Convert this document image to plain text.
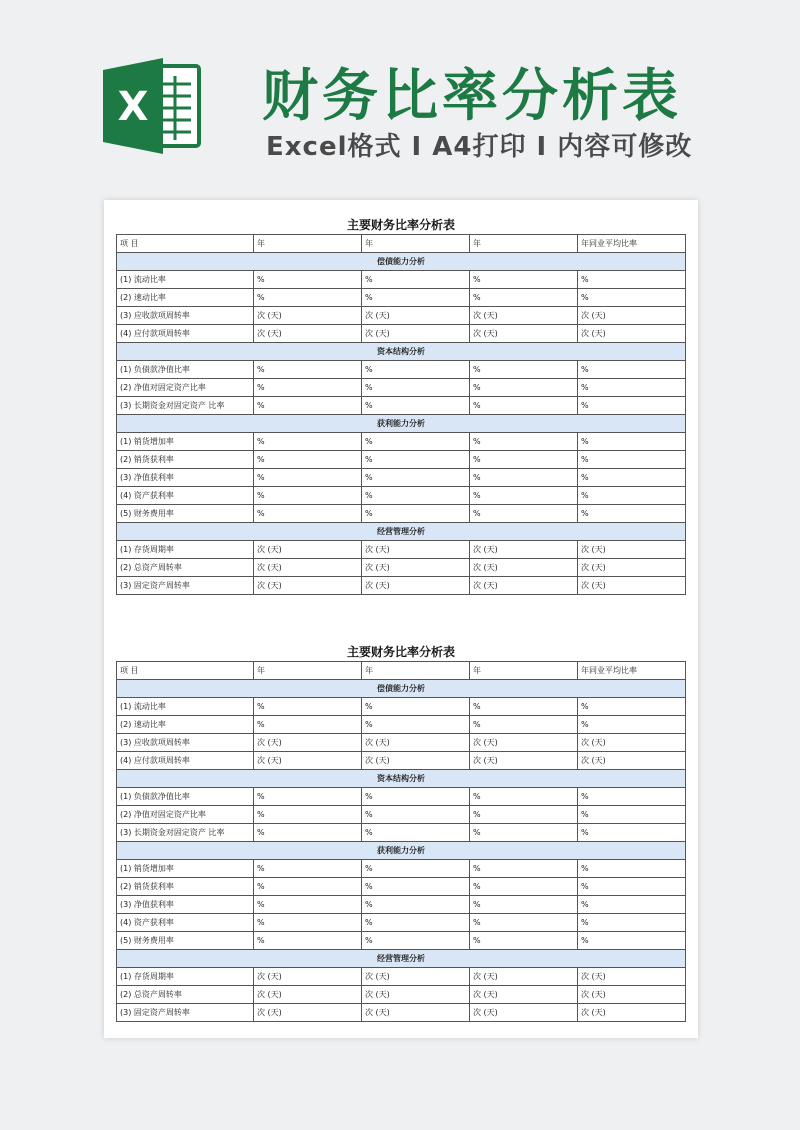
X 财务比率分析表
Excel格式 I A4打印 I 内容可修改
主要财务比率分析表
项 目	年	年	年	年同业平均比率
偿债能力分析				
(1) 流动比率	%	%	%	%
(2) 速动比率	%	%	%	%
(3) 应收款项周转率	次 (天)	次 (天)	次 (天)	次 (天)
(4) 应付款项周转率	次 (天)	次 (天)	次 (天)	次 (天)
资本结构分析				
(1) 负债款净值比率	%	%	%	%
(2) 净值对固定资产比率	%	%	%	%
(3) 长期资金对固定资产 比率	%	%	%	%
获利能力分析				
(1) 销货增加率	%	%	%	%
(2) 销货获利率	%	%	%	%
(3) 净值获利率	%	%	%	%
(4) 资产获利率	%	%	%	%
(5) 财务费用率	%	%	%	%
经营管理分析				
(1) 存货周期率	次 (天)	次 (天)	次 (天)	次 (天)
(2) 总资产周转率	次 (天)	次 (天)	次 (天)	次 (天)
(3) 固定资产周转率	次 (天)	次 (天)	次 (天)	次 (天)
主要财务比率分析表
项 目	年	年	年	年同业平均比率
偿债能力分析				
(1) 流动比率	%	%	%	%
(2) 速动比率	%	%	%	%
(3) 应收款项周转率	次 (天)	次 (天)	次 (天)	次 (天)
(4) 应付款项周转率	次 (天)	次 (天)	次 (天)	次 (天)
资本结构分析				
(1) 负债款净值比率	%	%	%	%
(2) 净值对固定资产比率	%	%	%	%
(3) 长期资金对固定资产 比率	%	%	%	%
获利能力分析				
(1) 销货增加率	%	%	%	%
(2) 销货获利率	%	%	%	%
(3) 净值获利率	%	%	%	%
(4) 资产获利率	%	%	%	%
(5) 财务费用率	%	%	%	%
经营管理分析				
(1) 存货周期率	次 (天)	次 (天)	次 (天)	次 (天)
(2) 总资产周转率	次 (天)	次 (天)	次 (天)	次 (天)
(3) 固定资产周转率	次 (天)	次 (天)	次 (天)	次 (天)
